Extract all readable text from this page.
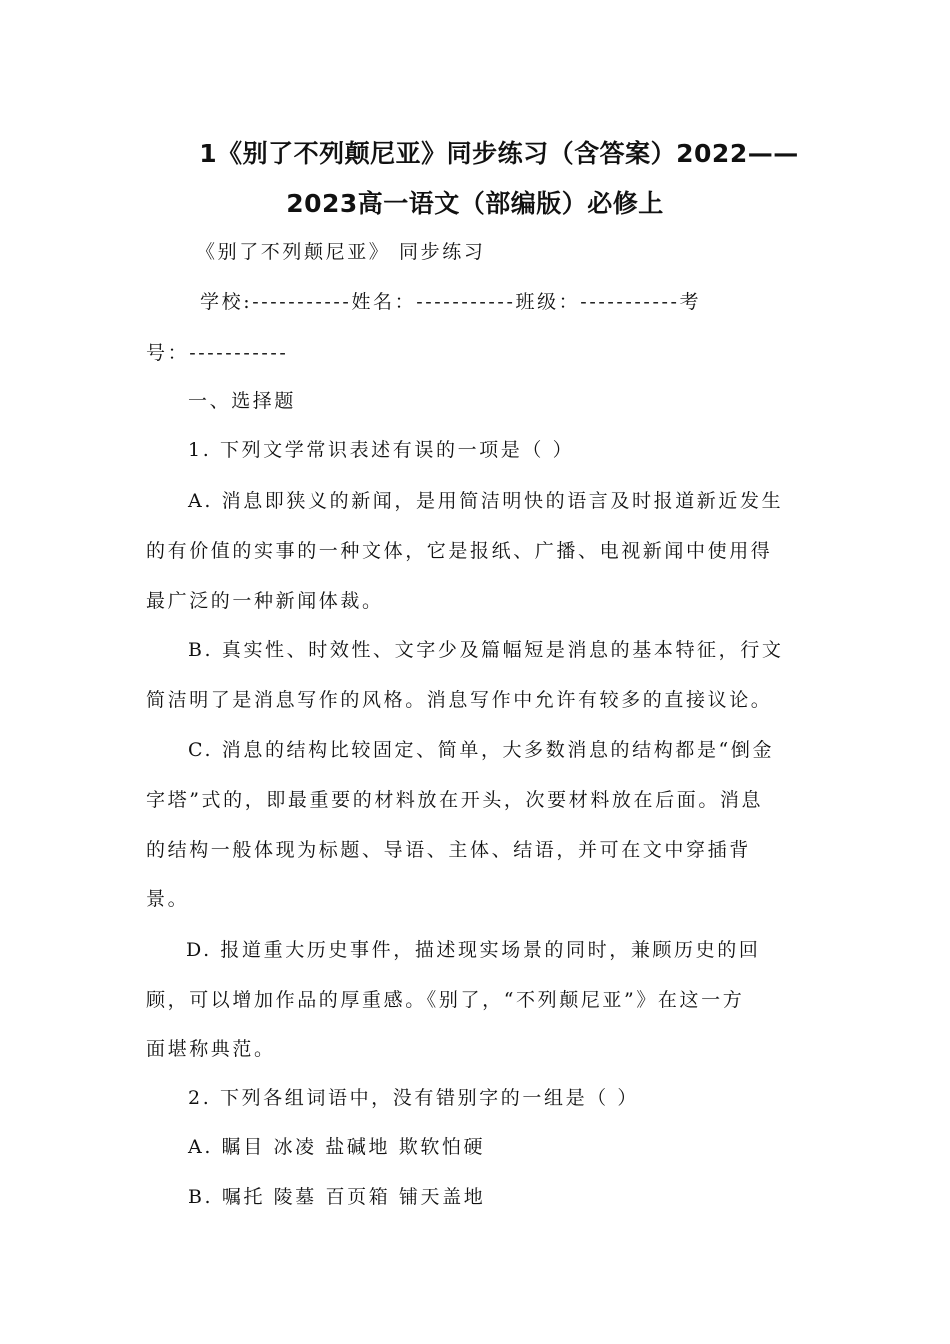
1《别了不列颠尼亚》同步练习（含答案）2022——
2023高一语文（部编版）必修上
《别了不列颠尼亚》 同步练习
学校:-----------姓名：-----------班级：-----------考
号：-----------
一、选择题
1. 下列文学常识表述有误的一项是（ ）
A. 消息即狭义的新闻，是用简洁明快的语言及时报道新近发生
的有价值的实事的一种文体，它是报纸、广播、电视新闻中使用得
最广泛的一种新闻体裁。
B. 真实性、时效性、文字少及篇幅短是消息的基本特征，行文
简洁明了是消息写作的风格。消息写作中允许有较多的直接议论。
C. 消息的结构比较固定、简单，大多数消息的结构都是“倒金
字塔”式的，即最重要的材料放在开头，次要材料放在后面。消息
的结构一般体现为标题、导语、主体、结语，并可在文中穿插背
景。
D. 报道重大历史事件，描述现实场景的同时，兼顾历史的回
顾，可以增加作品的厚重感。《别了，“不列颠尼亚”》在这一方
面堪称典范。
2. 下列各组词语中，没有错别字的一组是（ ）
A. 瞩目 冰凌 盐碱地 欺软怕硬
B. 嘱托 陵墓 百页箱 铺天盖地
